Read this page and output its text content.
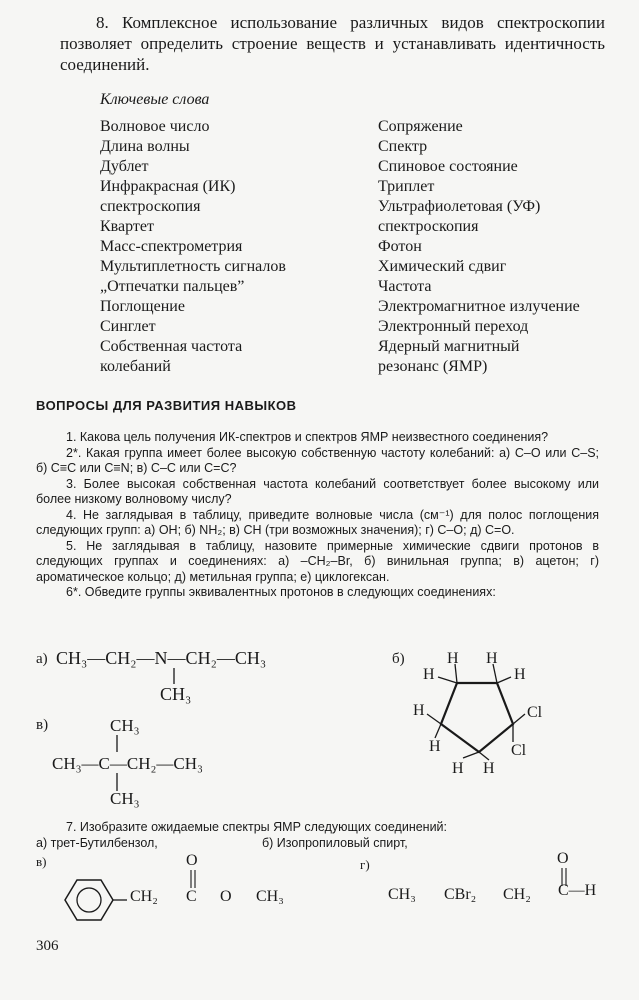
8. Комплексное использование различных видов спектроскопии позволяет определить строение веществ и устанавливать идентичность соединений.
Ключевые слова
Волновое число
Длина волны
Дублет
Инфракрасная (ИК)
спектроскопия
Квартет
Масс-спектрометрия
Мультиплетность сигналов
„Отпечатки пальцев”
Поглощение
Синглет
Собственная частота
колебаний
Сопряжение
Спектр
Спиновое состояние
Триплет
Ультрафиолетовая (УФ)
спектроскопия
Фотон
Химический сдвиг
Частота
Электромагнитное излучение
Электронный переход
Ядерный магнитный
резонанс (ЯМР)
ВОПРОСЫ ДЛЯ РАЗВИТИЯ НАВЫКОВ

1. Какова цель получения ИК-спектров и спектров ЯМР неизвестного соединения?

2*. Какая группа имеет более высокую собственную частоту колебаний: а) C–O или C–S; б) C≡C или C≡N; в) C–C или C=C?

3. Более высокая собственная частота колебаний соответствует более высокому или более низкому волновому числу?

4. Не заглядывая в таблицу, приведите волновые числа (см⁻¹) для полос поглощения следующих групп: а) OH; б) NH₂; в) CH (три возможных значения); г) C–O; д) C=O.

5. Не заглядывая в таблицу, назовите примерные химические сдвиги протонов в следующих группах и соединениях: а) –CH₂–Br, б) винильная группа; в) ацетон; г) ароматическое кольцо; д) метильная группа; е) циклогексан.

6*. Обведите группы эквивалентных протонов в следующих соединениях:

а) CH₃—CH₂—N—CH₂—CH₃
CH₃
б)	H H
H	H
H	Cl
H	Cl
H H
в)	CH₃
CH₃—C—CH₂—CH₃
CH₃

7. Изобразите ожидаемые спектры ЯМР следующих соединений:

а) трет-Бутилбензол,	б) Изопропиловый спирт,
в)	г)
O
CH₂ C O CH₃
O
CH₃ CBr₂ CH₂ C—H
306
